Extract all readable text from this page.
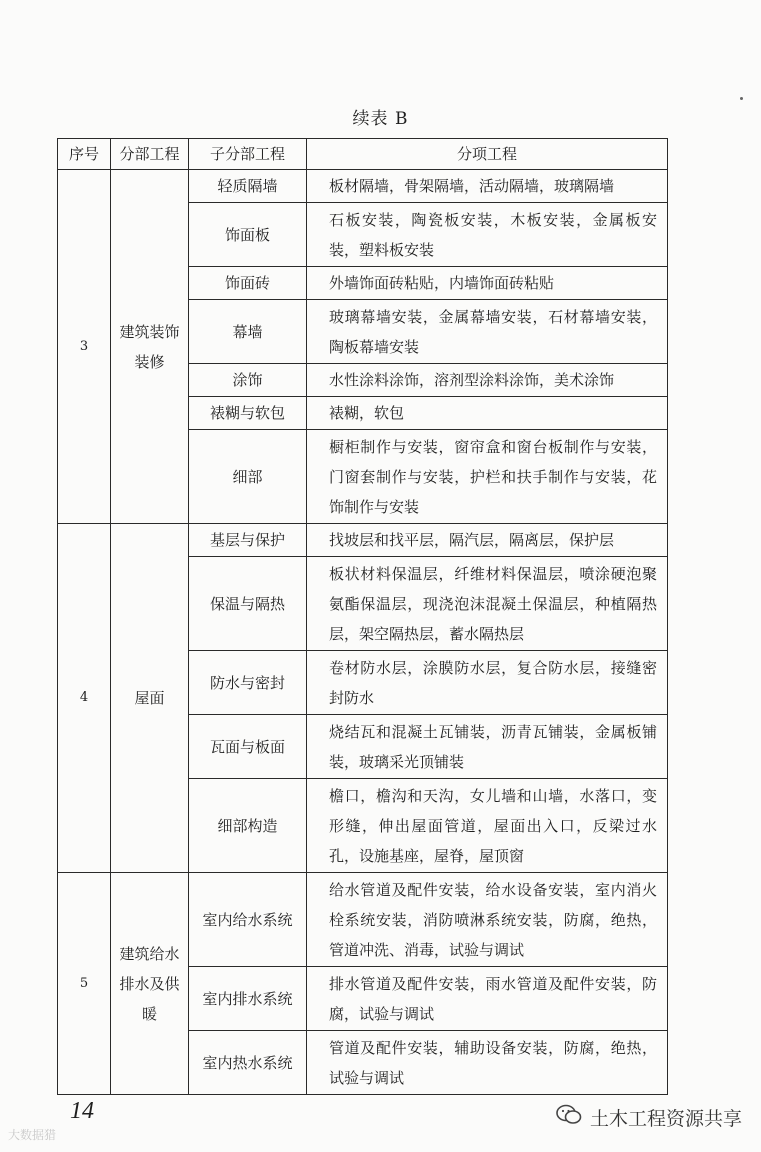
续表 B
序号	分部工程	子分部工程	分项工程
3	建筑装饰装修	轻质隔墙	板材隔墙，骨架隔墙，活动隔墙，玻璃隔墙
		饰面板	石板安装，陶瓷板安装，木板安装，金属板安装，塑料板安装
		饰面砖	外墙饰面砖粘贴，内墙饰面砖粘贴
		幕墙	玻璃幕墙安装，金属幕墙安装，石材幕墙安装，陶板幕墙安装
		涂饰	水性涂料涂饰，溶剂型涂料涂饰，美术涂饰
		裱糊与软包	裱糊，软包
		细部	橱柜制作与安装，窗帘盒和窗台板制作与安装，门窗套制作与安装，护栏和扶手制作与安装，花饰制作与安装
4	屋面	基层与保护	找坡层和找平层，隔汽层，隔离层，保护层
		保温与隔热	板状材料保温层，纤维材料保温层，喷涂硬泡聚氨酯保温层，现浇泡沫混凝土保温层，种植隔热层，架空隔热层，蓄水隔热层
		防水与密封	卷材防水层，涂膜防水层，复合防水层，接缝密封防水
		瓦面与板面	烧结瓦和混凝土瓦铺装，沥青瓦铺装，金属板铺装，玻璃采光顶铺装
		细部构造	檐口，檐沟和天沟，女儿墙和山墙，水落口，变形缝，伸出屋面管道，屋面出入口，反梁过水孔，设施基座，屋脊，屋顶窗
5	建筑给水排水及供暖	室内给水系统	给水管道及配件安装，给水设备安装，室内消火栓系统安装，消防喷淋系统安装，防腐，绝热，管道冲洗、消毒，试验与调试
		室内排水系统	排水管道及配件安装，雨水管道及配件安装，防腐，试验与调试
		室内热水系统	管道及配件安装，辅助设备安装，防腐，绝热，试验与调试
14
大数据猎
土木工程资源共享
